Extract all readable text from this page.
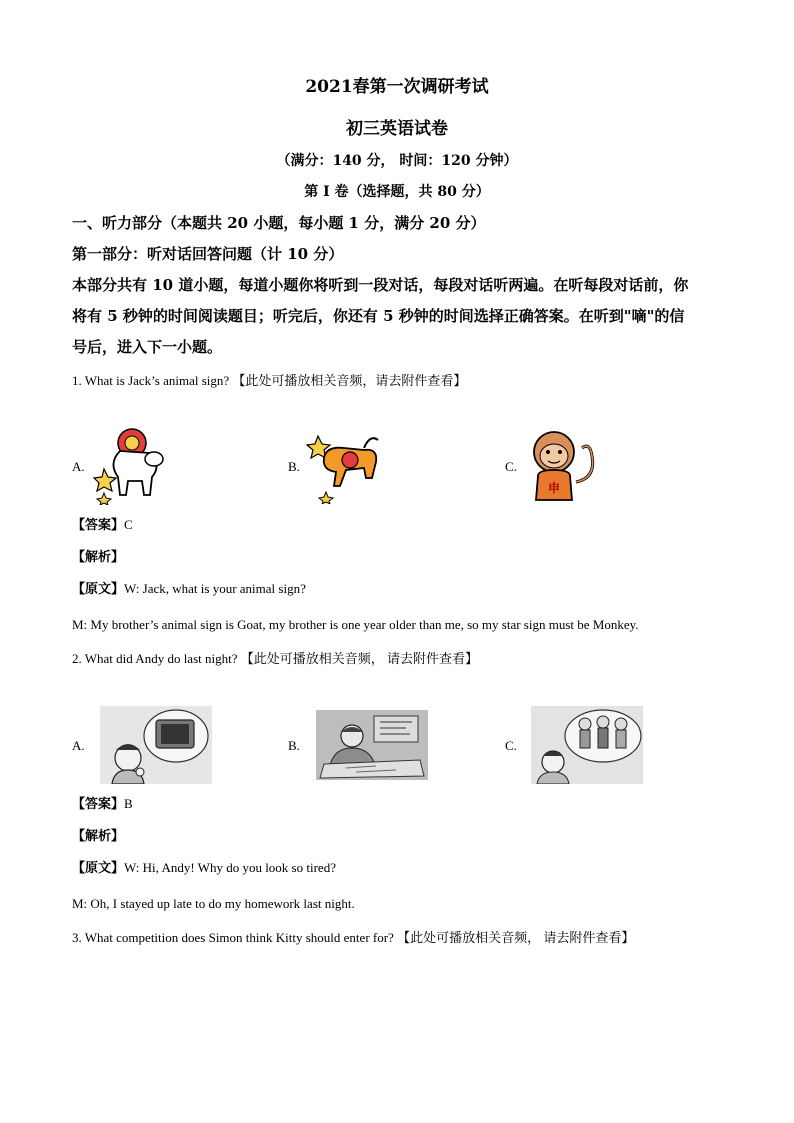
2021春第一次调研考试
初三英语试卷
（满分：140 分， 时间：120 分钟）
第 I 卷（选择题，共 80 分）
一、听力部分（本题共 20 小题，每小题 1 分，满分 20 分）
第一部分：听对话回答问题（计 10 分）
本部分共有 10 道小题，每道小题你将听到一段对话，每段对话听两遍。在听每段对话前，你
将有 5 秒钟的时间阅读题目；听完后，你还有 5 秒钟的时间选择正确答案。在听到"嘀"的信
号后，进入下一小题。
1. What is Jack’s animal sign? 【此处可播放相关音频，请去附件查看】
A.	B.	C.
申
【答案】C
【解析】
【原文】W: Jack, what is your animal sign?
M: My brother’s animal sign is Goat, my brother is one year older than me, so my star sign must be Monkey.
2. What did Andy do last night? 【此处可播放相关音频， 请去附件查看】
A.	B.	C.
【答案】B
【解析】
【原文】W: Hi, Andy! Why do you look so tired?
M: Oh, I stayed up late to do my homework last night.
3. What competition does Simon think Kitty should enter for? 【此处可播放相关音频， 请去附件查看】
